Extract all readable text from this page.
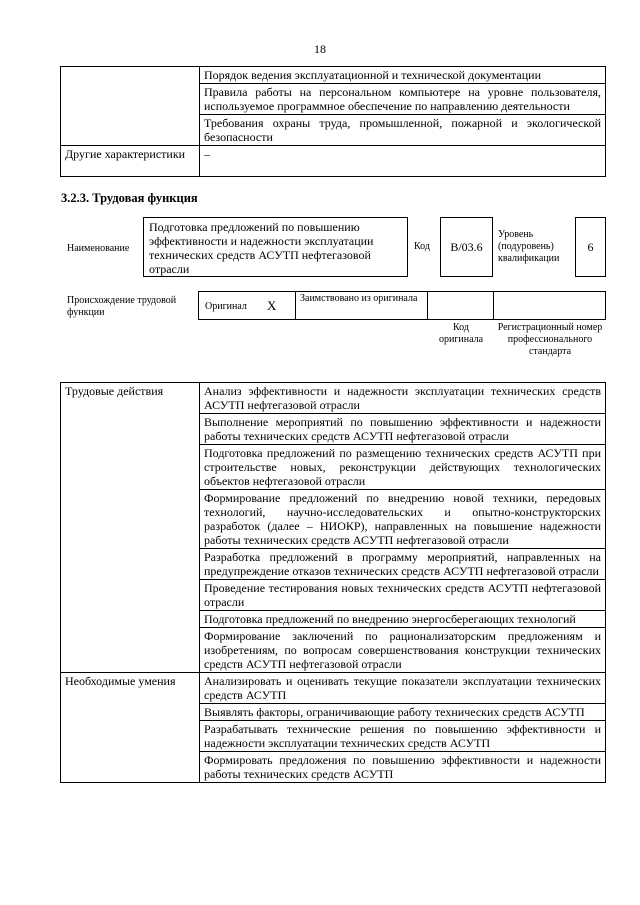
18
	Порядок ведения эксплуатационной и технической документации
	Правила работы на персональном компьютере на уровне пользователя, используемое программное обеспечение по направлению деятельности
	Требования охраны труда, промышленной, пожарной и экологической безопасности
Другие характеристики	–
3.2.3. Трудовая функция
Наименование
Подготовка предложений по повышению эффективности и надежности эксплуатации технических средств АСУТП нефтегазовой отрасли
Код	В/03.6
Уровень (подуровень) квалификации
6
Происхождение трудовой функции
Оригинал X	Заимствовано из оригинала
Код оригинала
Регистрационный номер профессионального стандарта
Трудовые действия	Анализ эффективности и надежности эксплуатации технических средств АСУТП нефтегазовой отрасли
	Выполнение мероприятий по повышению эффективности и надежности работы технических средств АСУТП нефтегазовой отрасли
	Подготовка предложений по размещению технических средств АСУТП при строительстве новых, реконструкции действующих технологических объектов нефтегазовой отрасли
	Формирование предложений по внедрению новой техники, передовых технологий, научно-исследовательских и опытно-конструкторских разработок (далее – НИОКР), направленных на повышение надежности работы технических средств АСУТП нефтегазовой отрасли
	Разработка предложений в программу мероприятий, направленных на предупреждение отказов технических средств АСУТП нефтегазовой отрасли
	Проведение тестирования новых технических средств АСУТП нефтегазовой отрасли
	Подготовка предложений по внедрению энергосберегающих технологий
	Формирование заключений по рационализаторским предложениям и изобретениям, по вопросам совершенствования конструкции технических средств АСУТП нефтегазовой отрасли
Необходимые умения	Анализировать и оценивать текущие показатели эксплуатации технических средств АСУТП
	Выявлять факторы, ограничивающие работу технических средств АСУТП
	Разрабатывать технические решения по повышению эффективности и надежности эксплуатации технических средств АСУТП
	Формировать предложения по повышению эффективности и надежности работы технических средств АСУТП
